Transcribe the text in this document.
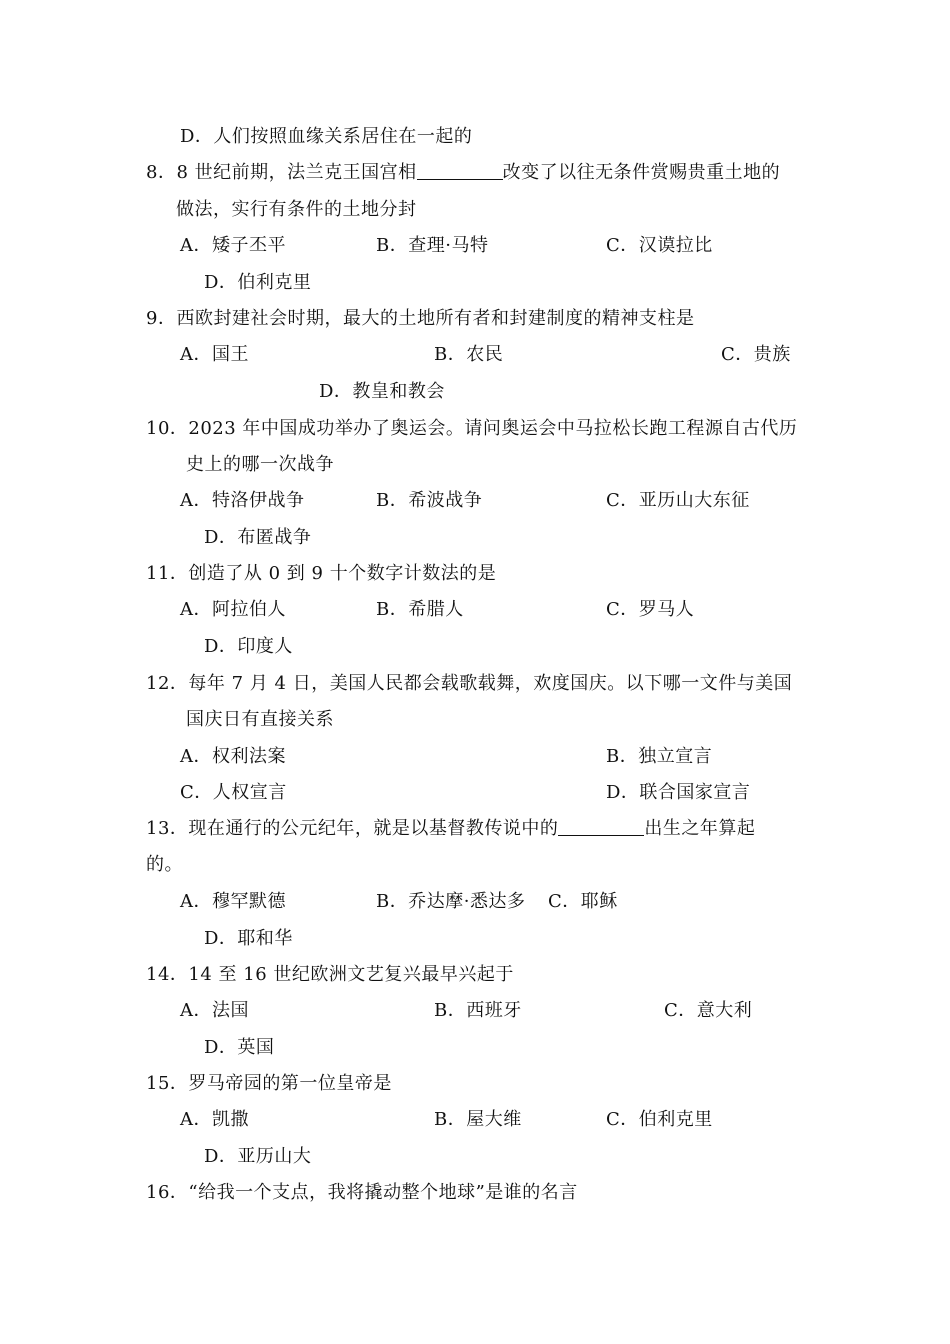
D．人们按照血缘关系居住在一起的
8．8 世纪前期，法兰克王国宫相	改变了以往无条件赏赐贵重土地的
做法，实行有条件的土地分封
A．矮子丕平	B．查理·马特	C．汉谟拉比
D．伯利克里
9．西欧封建社会时期，最大的土地所有者和封建制度的精神支柱是
A．国王	B．农民	C．贵族
D．教皇和教会
10．2023 年中国成功举办了奥运会。请问奥运会中马拉松长跑工程源自古代历
史上的哪一次战争
A．特洛伊战争	B．希波战争	C．亚历山大东征
D．布匿战争
11．创造了从 0 到 9 十个数字计数法的是
A．阿拉伯人	B．希腊人	C．罗马人
D．印度人
12．每年 7 月 4 日，美国人民都会载歌载舞，欢度国庆。以下哪一文件与美国
国庆日有直接关系
A．权利法案	B．独立宣言
C．人权宣言	D．联合国家宣言
13．现在通行的公元纪年，就是以基督教传说中的	出生之年算起
的。
A．穆罕默德	B．乔达摩·悉达多 C．耶稣
D．耶和华
14．14 至 16 世纪欧洲文艺复兴最早兴起于
A．法国	B．西班牙	C．意大利
D．英国
15．罗马帝园的第一位皇帝是
A．凯撒	B．屋大维	C．伯利克里
D．亚历山大
16．“给我一个支点，我将撬动整个地球”是谁的名言
